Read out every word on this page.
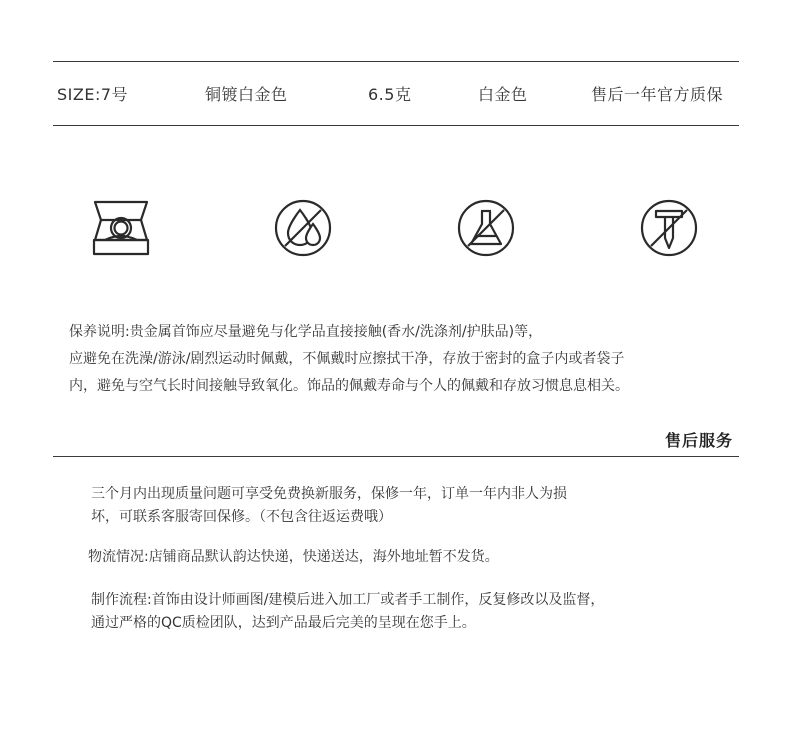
SIZE:7号	铜镀白金色	6.5克	白金色	售后一年官方质保
保养说明:贵金属首饰应尽量避免与化学品直接接触(香水/洗涤剂/护肤品)等，
应避免在洗澡/游泳/剧烈运动时佩戴，不佩戴时应擦拭干净，存放于密封的盒子内或者袋子
内，避免与空气长时间接触导致氧化。饰品的佩戴寿命与个人的佩戴和存放习惯息息相关。
售后服务
三个月内出现质量问题可享受免费换新服务，保修一年，订单一年内非人为损
坏，可联系客服寄回保修。（不包含往返运费哦）
物流情况:店铺商品默认韵达快递，快递送达，海外地址暂不发货。
制作流程:首饰由设计师画图/建模后进入加工厂或者手工制作，反复修改以及监督，
通过严格的QC质检团队，达到产品最后完美的呈现在您手上。
